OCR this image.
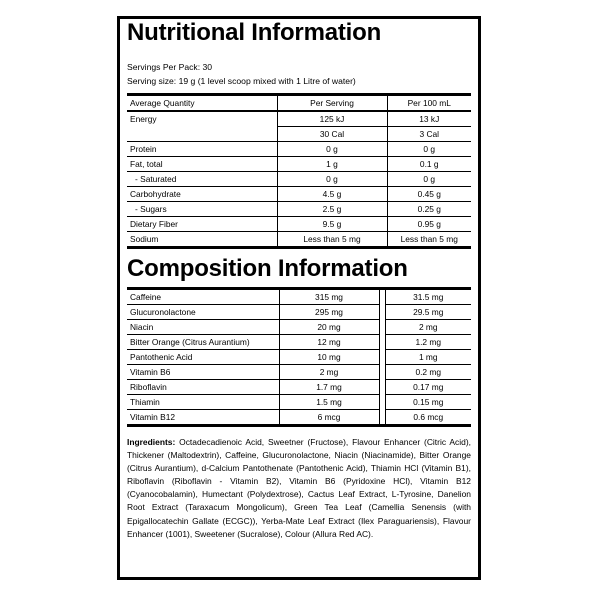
Nutritional Information
Servings Per Pack: 30
Serving size: 19 g (1 level scoop mixed with 1 Litre of water)
Average Quantity	Per Serving	Per 100 mL
Energy	125 kJ	13 kJ
	30 Cal	3 Cal
Protein	0 g	0 g
Fat, total	1 g	0.1 g
- Saturated	0 g	0 g
Carbohydrate	4.5 g	0.45 g
- Sugars	2.5 g	0.25 g
Dietary Fiber	9.5 g	0.95 g
Sodium	Less than 5 mg	Less than 5 mg
Composition Information
Caffeine	315 mg		31.5 mg
Glucuronolactone	295 mg		29.5 mg
Niacin	20 mg		2 mg
Bitter Orange (Citrus Aurantium)	12 mg		1.2 mg
Pantothenic Acid	10 mg		1 mg
Vitamin B6	2 mg		0.2 mg
Riboflavin	1.7 mg		0.17 mg
Thiamin	1.5 mg		0.15 mg
Vitamin B12	6 mcg		0.6 mcg
Ingredients: Octadecadienoic Acid, Sweetner (Fructose), Flavour Enhancer (Citric Acid), Thickener (Maltodextrin), Caffeine, Glucuronolactone, Niacin (Niacinamide), Bitter Orange (Citrus Aurantium), d-Calcium Pantothenate (Pantothenic Acid), Thiamin HCl (Vitamin B1), Riboflavin (Riboflavin - Vitamin B2), Vitamin B6 (Pyridoxine HCl), Vitamin B12 (Cyanocobalamin), Humectant (Polydextrose), Cactus Leaf Extract, L-Tyrosine, Danelion Root Extract (Taraxacum Mongolicum), Green Tea Leaf (Camellia Senensis (with Epigallocatechin Gallate (ECGC)), Yerba-Mate Leaf Extract (Ilex Paraguariensis), Flavour Enhancer (1001), Sweetener (Sucralose), Colour (Allura Red AC).
